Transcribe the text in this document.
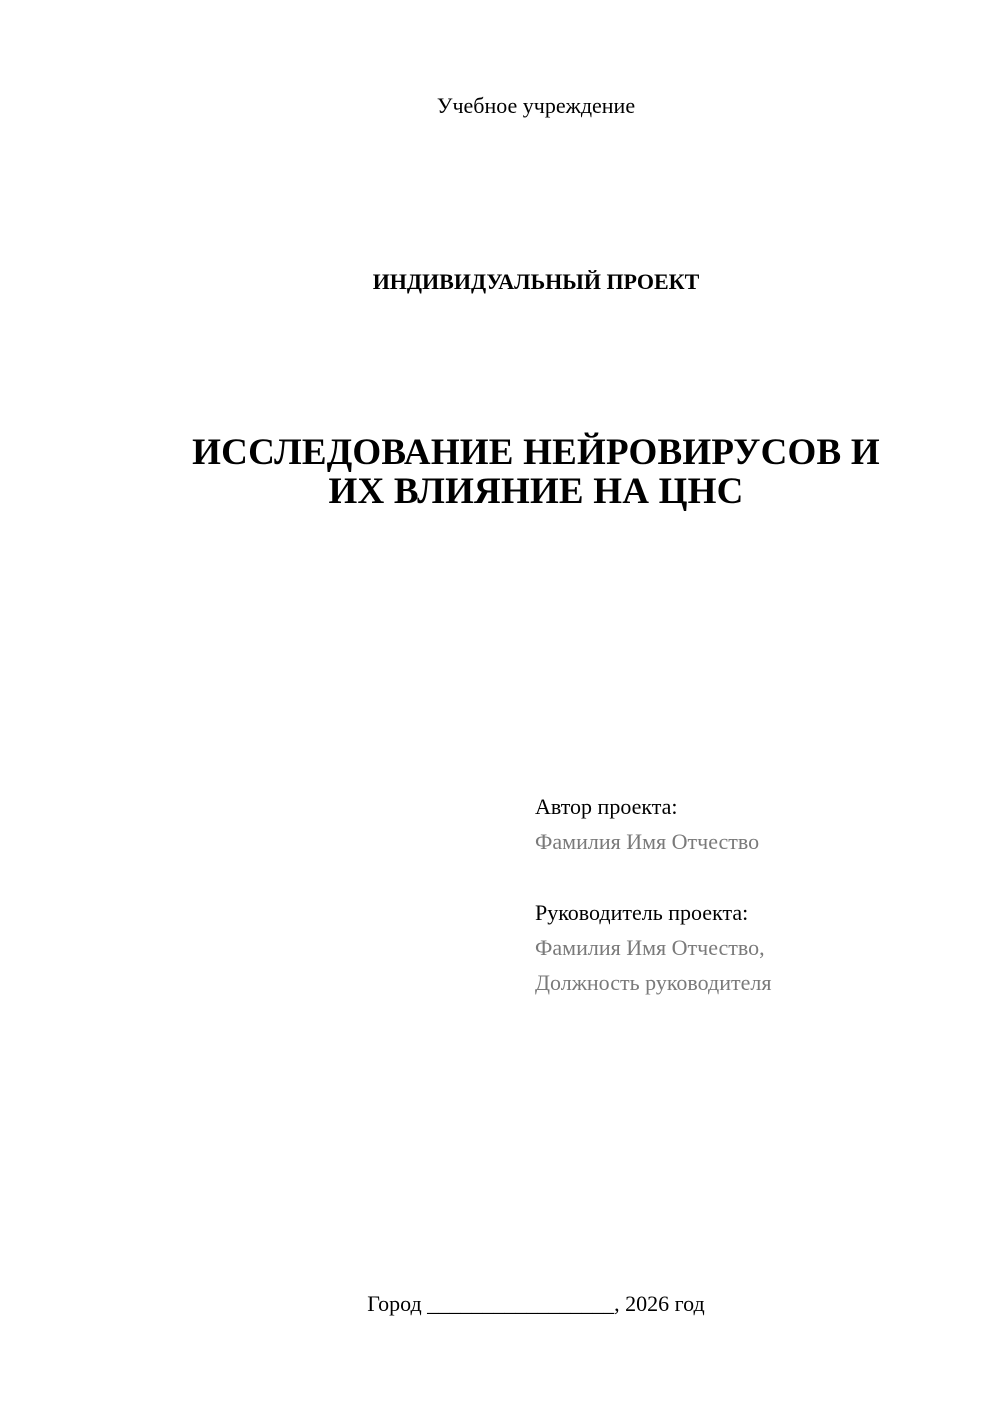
Учебное учреждение
ИНДИВИДУАЛЬНЫЙ ПРОЕКТ
ИССЛЕДОВАНИЕ НЕЙРОВИРУСОВ И
ИХ ВЛИЯНИЕ НА ЦНС
Автор проекта:
Фамилия Имя Отчество
Руководитель проекта:
Фамилия Имя Отчество,
Должность руководителя
Город _________________, 2026 год
